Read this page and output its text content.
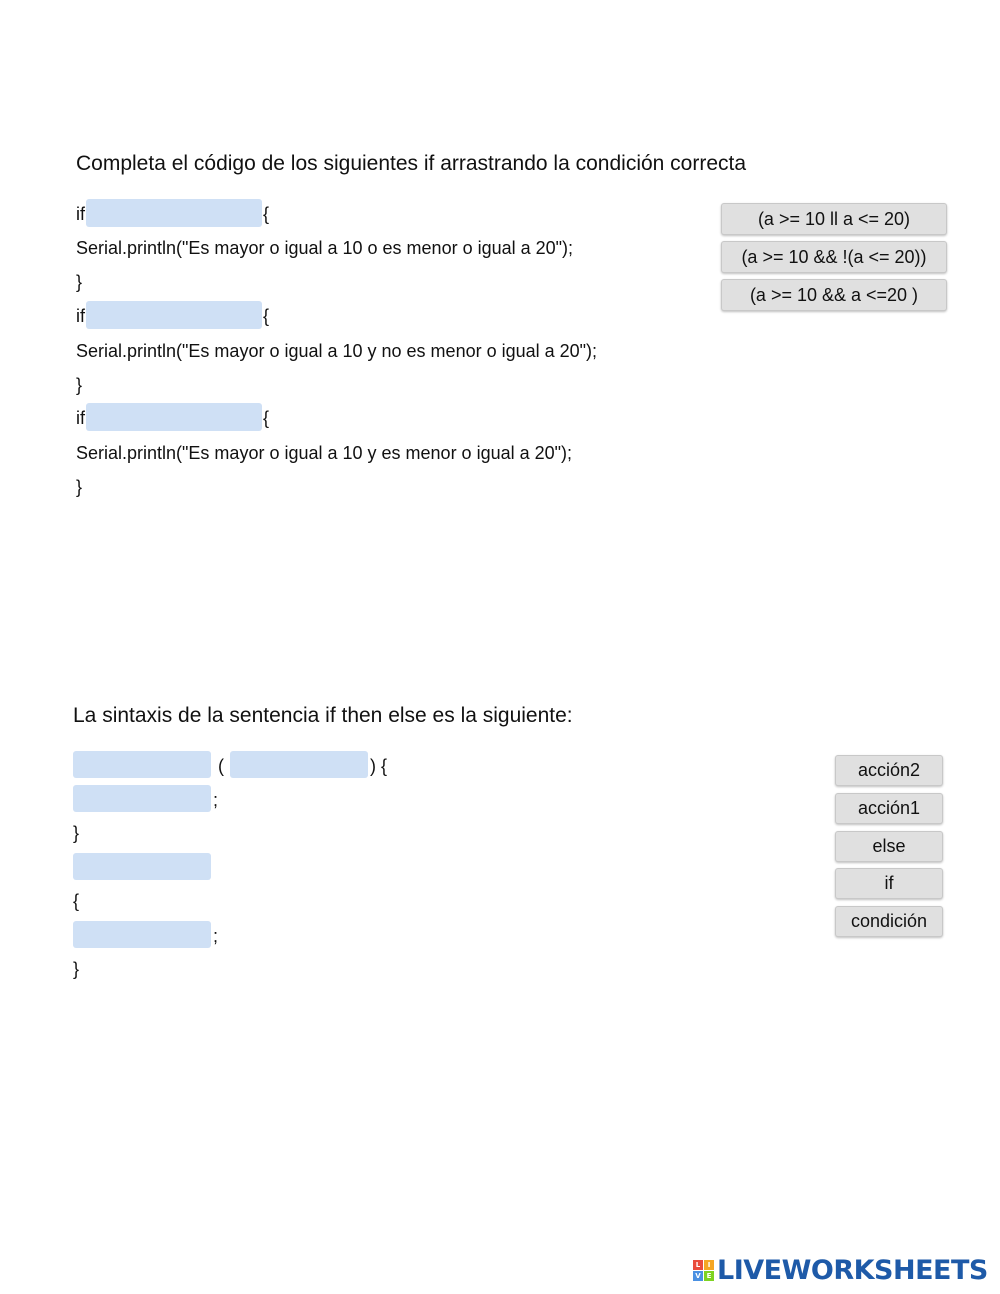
Completa el código de los siguientes if arrastrando la condición correcta
if	{
Serial.println("Es mayor o igual a 10 o es menor o igual a 20");
}
if	{
Serial.println("Es mayor o igual a 10 y no es menor o igual a 20");
}
if	{
Serial.println("Es mayor o igual a 10 y es menor o igual a 20");
}
(a >= 10 ll a <= 20)
(a >= 10 && !(a <= 20))
(a >= 10 && a <=20 )
La sintaxis de la sentencia if then else es la siguiente:
(	) {
;
}
{
;
}
acción2
acción1
else
if
condición
L	I
V E LIVEWORKSHEETS
